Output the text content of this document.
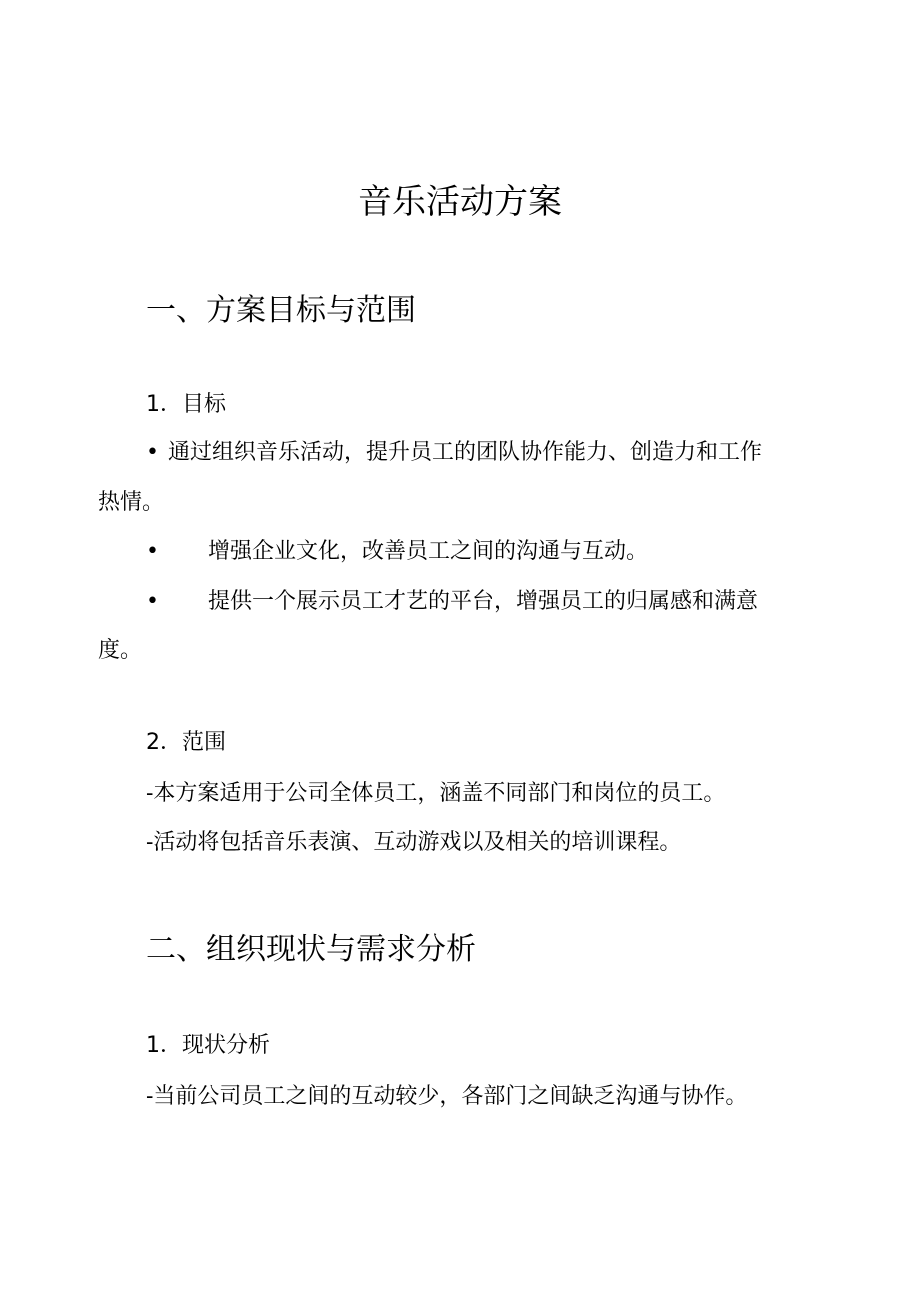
音乐活动方案
一、方案目标与范围
1．目标
• 通过组织音乐活动，提升员工的团队协作能力、创造力和工作
热情。
• 增强企业文化，改善员工之间的沟通与互动。
• 提供一个展示员工才艺的平台，增强员工的归属感和满意
度。
2．范围
-本方案适用于公司全体员工，涵盖不同部门和岗位的员工。
-活动将包括音乐表演、互动游戏以及相关的培训课程。
二、组织现状与需求分析
1．现状分析
-当前公司员工之间的互动较少，各部门之间缺乏沟通与协作。
